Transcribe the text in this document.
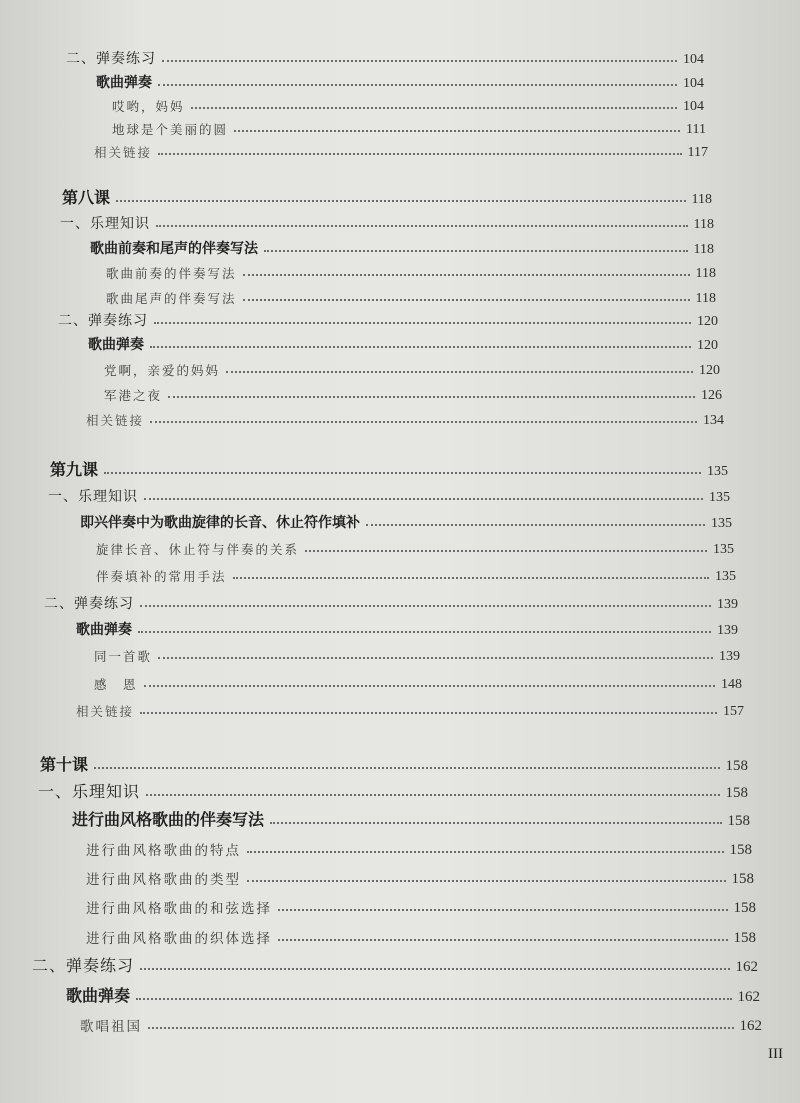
二、弹奏练习	104
歌曲弹奏	104
哎哟，妈妈	104
地球是个美丽的圆	111
相关链接	117
第八课	118
一、乐理知识	118
歌曲前奏和尾声的伴奏写法	118
歌曲前奏的伴奏写法	118
歌曲尾声的伴奏写法	118
二、弹奏练习	120
歌曲弹奏	120
党啊，亲爱的妈妈	120
军港之夜	126
相关链接	134
第九课	135
一、乐理知识	135
即兴伴奏中为歌曲旋律的长音、休止符作填补	135
旋律长音、休止符与伴奏的关系	135
伴奏填补的常用手法	135
二、弹奏练习	139
歌曲弹奏	139
同一首歌	139
感　恩	148
相关链接	157
第十课	158
一、乐理知识	158
进行曲风格歌曲的伴奏写法	158
进行曲风格歌曲的特点	158
进行曲风格歌曲的类型	158
进行曲风格歌曲的和弦选择	158
进行曲风格歌曲的织体选择	158
二、弹奏练习	162
歌曲弹奏	162
歌唱祖国	162
III
